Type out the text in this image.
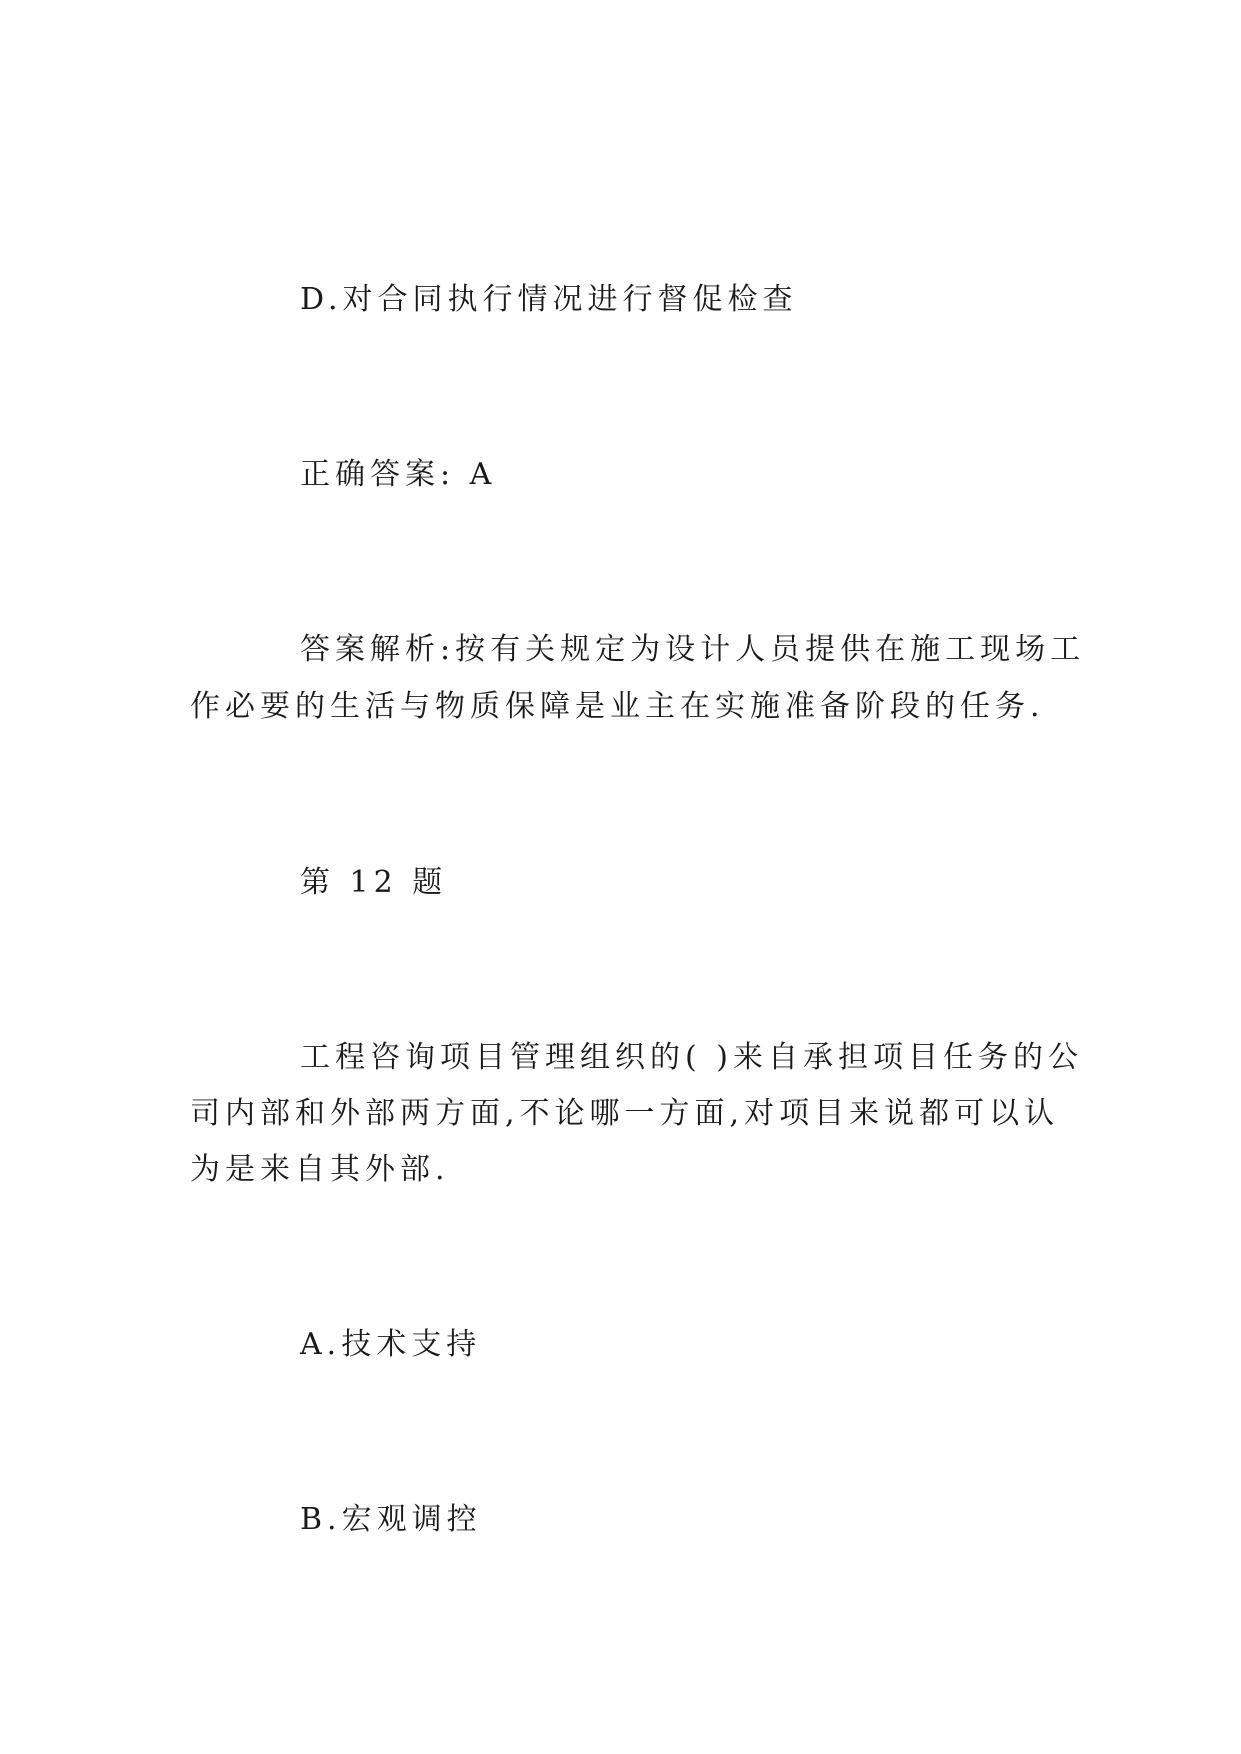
D.对合同执行情况进行督促检查
正确答案: A
答案解析:按有关规定为设计人员提供在施工现场工
作必要的生活与物质保障是业主在实施准备阶段的任务.
第 12 题
工程咨询项目管理组织的( )来自承担项目任务的公
司内部和外部两方面,不论哪一方面,对项目来说都可以认
为是来自其外部.
A.技术支持
B.宏观调控
